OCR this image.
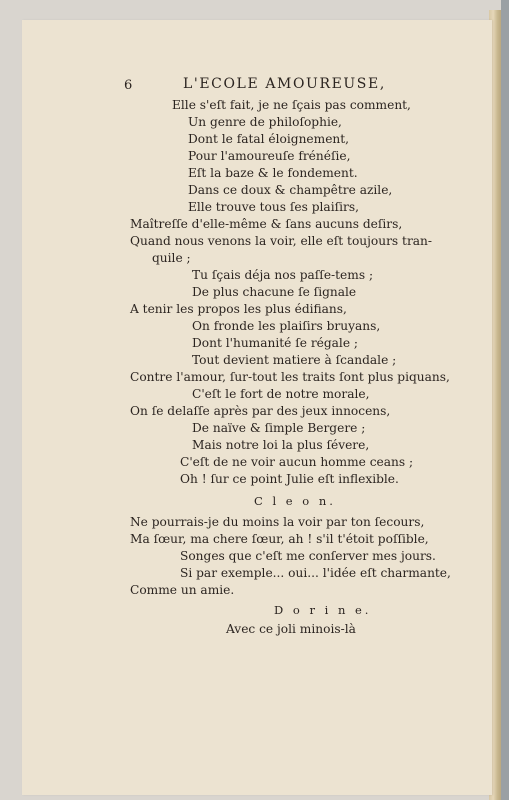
6	L'ECOLE AMOUREUSE,
Elle s'eſt fait, je ne ſçais pas comment,
Un genre de philoſophie,
Dont le fatal éloignement,
Pour l'amoureuſe frénéſie,
Eſt la baze & le fondement.
Dans ce doux & champêtre azile,
Elle trouve tous ſes plaiſirs,
Maîtreſſe d'elle-même & ſans aucuns deſirs,
Quand nous venons la voir, elle eſt toujours tran-
quile ;
Tu ſçais déja nos paſſe-tems ;
De plus chacune ſe ſignale
A tenir les propos les plus édifians,
On fronde les plaiſirs bruyans,
Dont l'humanité ſe régale ;
Tout devient matiere à ſcandale ;
Contre l'amour, ſur-tout les traits ſont plus piquans,
C'eſt le fort de notre morale,
On ſe delaſſe après par des jeux innocens,
De naïve & ſimple Bergere ;
Mais notre loi la plus ſévere,
C'eſt de ne voir aucun homme ceans ;
Oh ! ſur ce point Julie eſt inflexible.
C l e o n.
Ne pourrais-je du moins la voir par ton ſecours,
Ma ſœur, ma chere ſœur, ah ! s'il t'étoit poſſible,
Songes que c'eſt me conſerver mes jours.
Si par exemple... oui... l'idée eſt charmante,
Comme un amie.
D o r i n e.
Avec ce joli minois-là
